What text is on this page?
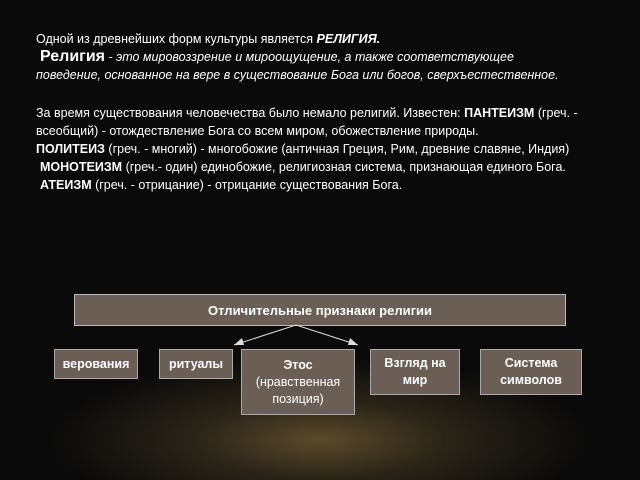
Одной из древнейших форм культуры является РЕЛИГИЯ.

Религия - это мировоззрение и мироощущение, а также соответствующее

поведение, основанное на вере в существование Бога или богов, сверхъестественное.

За время существования человечества было немало религий. Известен: ПАНТЕИЗМ (греч. -

всеобщий) - отождествление Бога со всем миром, обожествление природы.

ПОЛИТЕИЗ (греч. - многий) - многобожие (античная Греция, Рим, древние славяне, Индия)

МОНОТЕИЗМ (греч.- один) единобожие, религиозная система, признающая единого Бога.

АТЕИЗМ (греч. - отрицание) - отрицание существования Бога.

Отличительные признаки религии
верования	ритуалы	Этос
(нравственная позиция)
Взгляд на мир
Система символов
